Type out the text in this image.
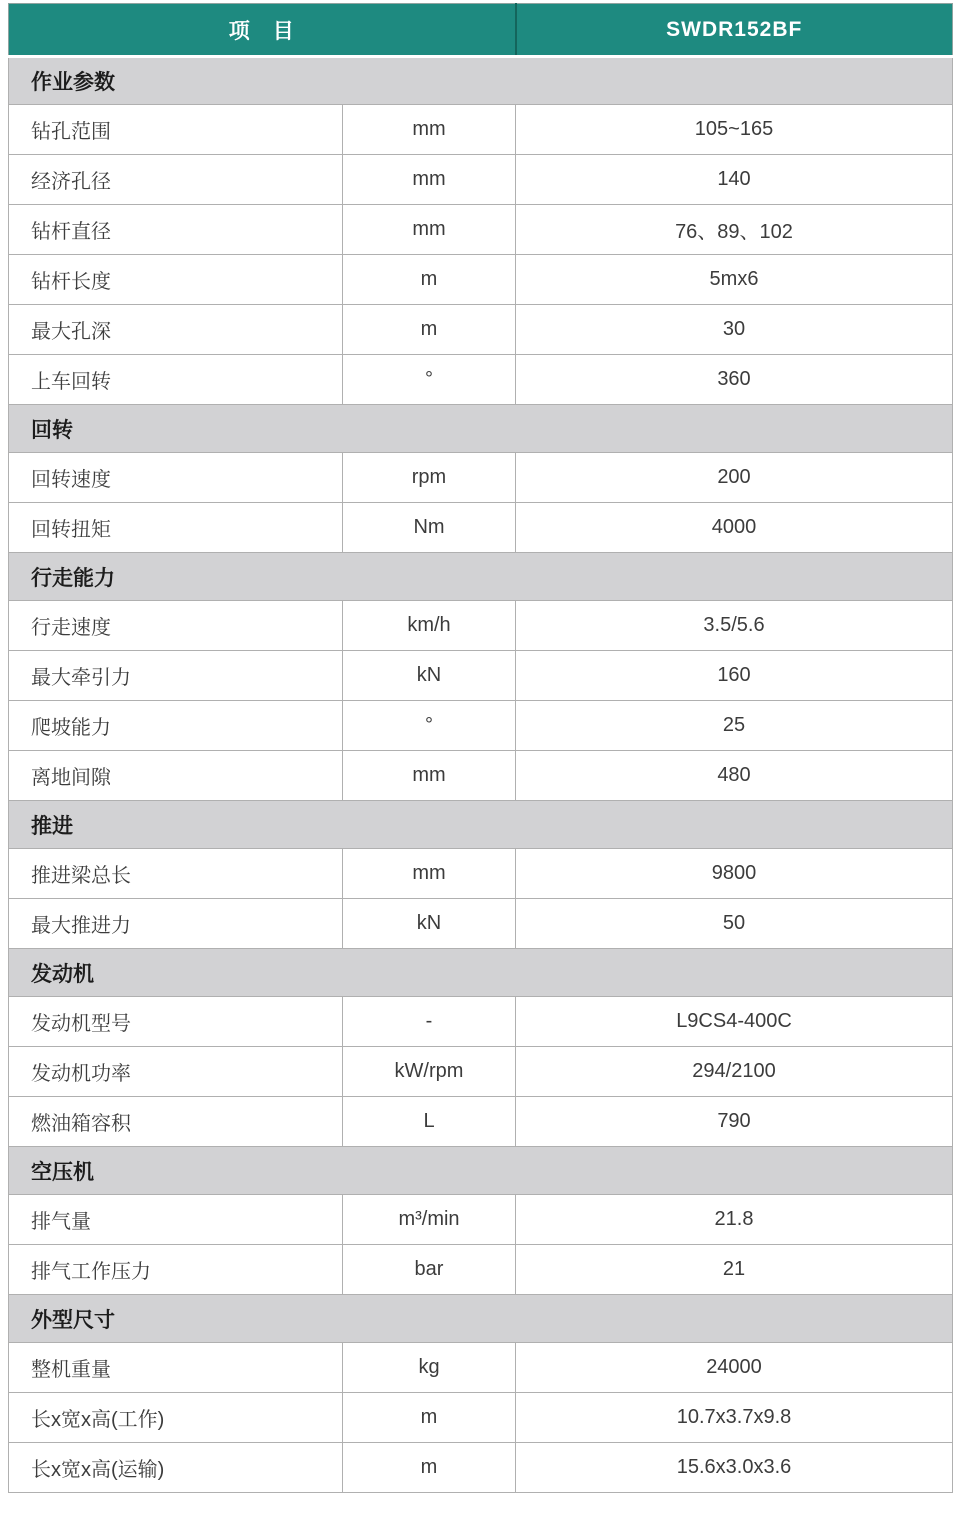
项　目		SWDR152BF
作业参数		
钻孔范围	mm	105~165
经济孔径	mm	140
钻杆直径	mm	76、89、102
钻杆长度	m	5mx6
最大孔深	m	30
上车回转	°	360
回转		
回转速度	rpm	200
回转扭矩	Nm	4000
行走能力		
行走速度	km/h	3.5/5.6
最大牵引力	kN	160
爬坡能力	°	25
离地间隙	mm	480
推进		
推进梁总长	mm	9800
最大推进力	kN	50
发动机		
发动机型号	-	L9CS4-400C
发动机功率	kW/rpm	294/2100
燃油箱容积	L	790
空压机		
排气量	m³/min	21.8
排气工作压力	bar	21
外型尺寸		
整机重量	kg	24000
长x宽x高(工作)	m	10.7x3.7x9.8
长x宽x高(运输)	m	15.6x3.0x3.6
